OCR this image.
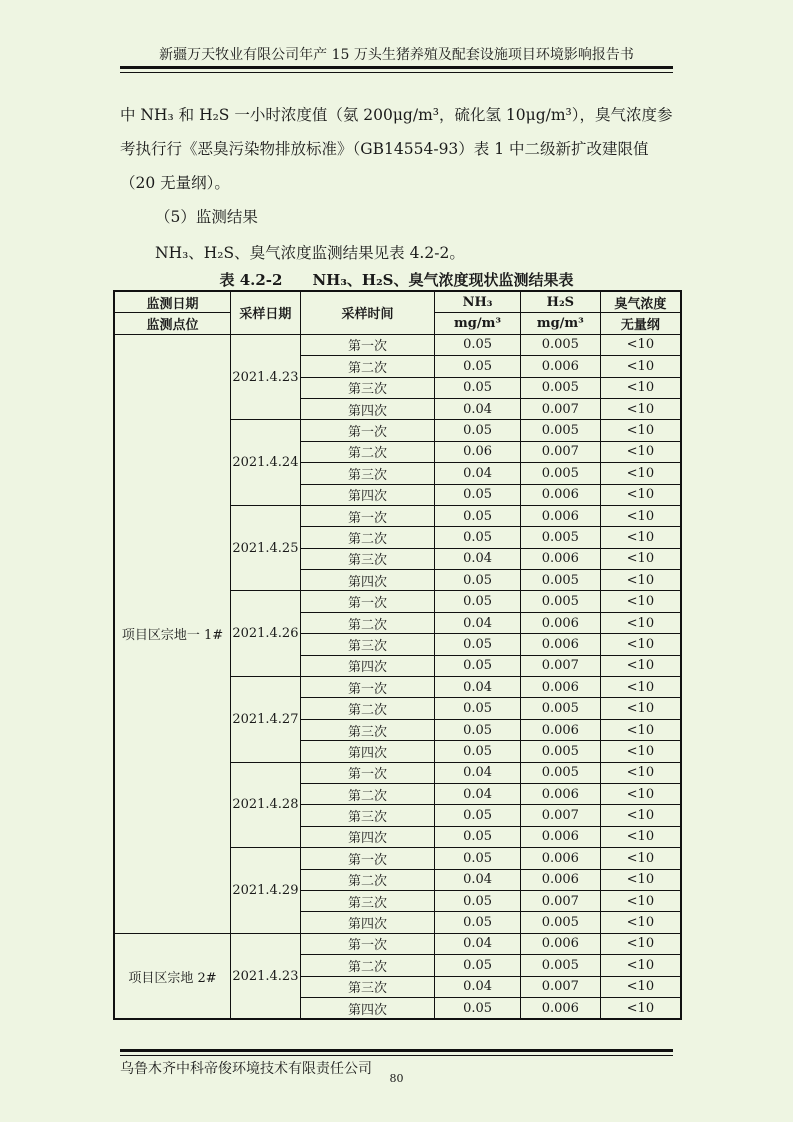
新疆万天牧业有限公司年产 15 万头生猪养殖及配套设施项目环境影响报告书
中 NH₃ 和 H₂S 一小时浓度值（氨 200μg/m³，硫化氢 10μg/m³），臭气浓度参考执行行《恶臭污染物排放标准》（GB14554-93）表 1 中二级新扩改建限值（20 无量纲）。
（5）监测结果
NH₃、H₂S、臭气浓度监测结果见表 4.2-2。
表 4.2-2 NH₃、H₂S、臭气浓度现状监测结果表
监测日期	采样日期	采样时间	NH₃	H₂S	臭气浓度
监测点位			mg/m³	mg/m³	无量纲
项目区宗地一 1#	2021.4.23	第一次	0.05	0.005	<10
		第二次	0.05	0.006	<10
		第三次	0.05	0.005	<10
		第四次	0.04	0.007	<10
	2021.4.24	第一次	0.05	0.005	<10
		第二次	0.06	0.007	<10
		第三次	0.04	0.005	<10
		第四次	0.05	0.006	<10
	2021.4.25	第一次	0.05	0.006	<10
		第二次	0.05	0.005	<10
		第三次	0.04	0.006	<10
		第四次	0.05	0.005	<10
	2021.4.26	第一次	0.05	0.005	<10
		第二次	0.04	0.006	<10
		第三次	0.05	0.006	<10
		第四次	0.05	0.007	<10
	2021.4.27	第一次	0.04	0.006	<10
		第二次	0.05	0.005	<10
		第三次	0.05	0.006	<10
		第四次	0.05	0.005	<10
	2021.4.28	第一次	0.04	0.005	<10
		第二次	0.04	0.006	<10
		第三次	0.05	0.007	<10
		第四次	0.05	0.006	<10
	2021.4.29	第一次	0.05	0.006	<10
		第二次	0.04	0.006	<10
		第三次	0.05	0.007	<10
		第四次	0.05	0.005	<10
项目区宗地 2#	2021.4.23	第一次	0.04	0.006	<10
		第二次	0.05	0.005	<10
		第三次	0.04	0.007	<10
		第四次	0.05	0.006	<10
乌鲁木齐中科帝俊环境技术有限责任公司
80
